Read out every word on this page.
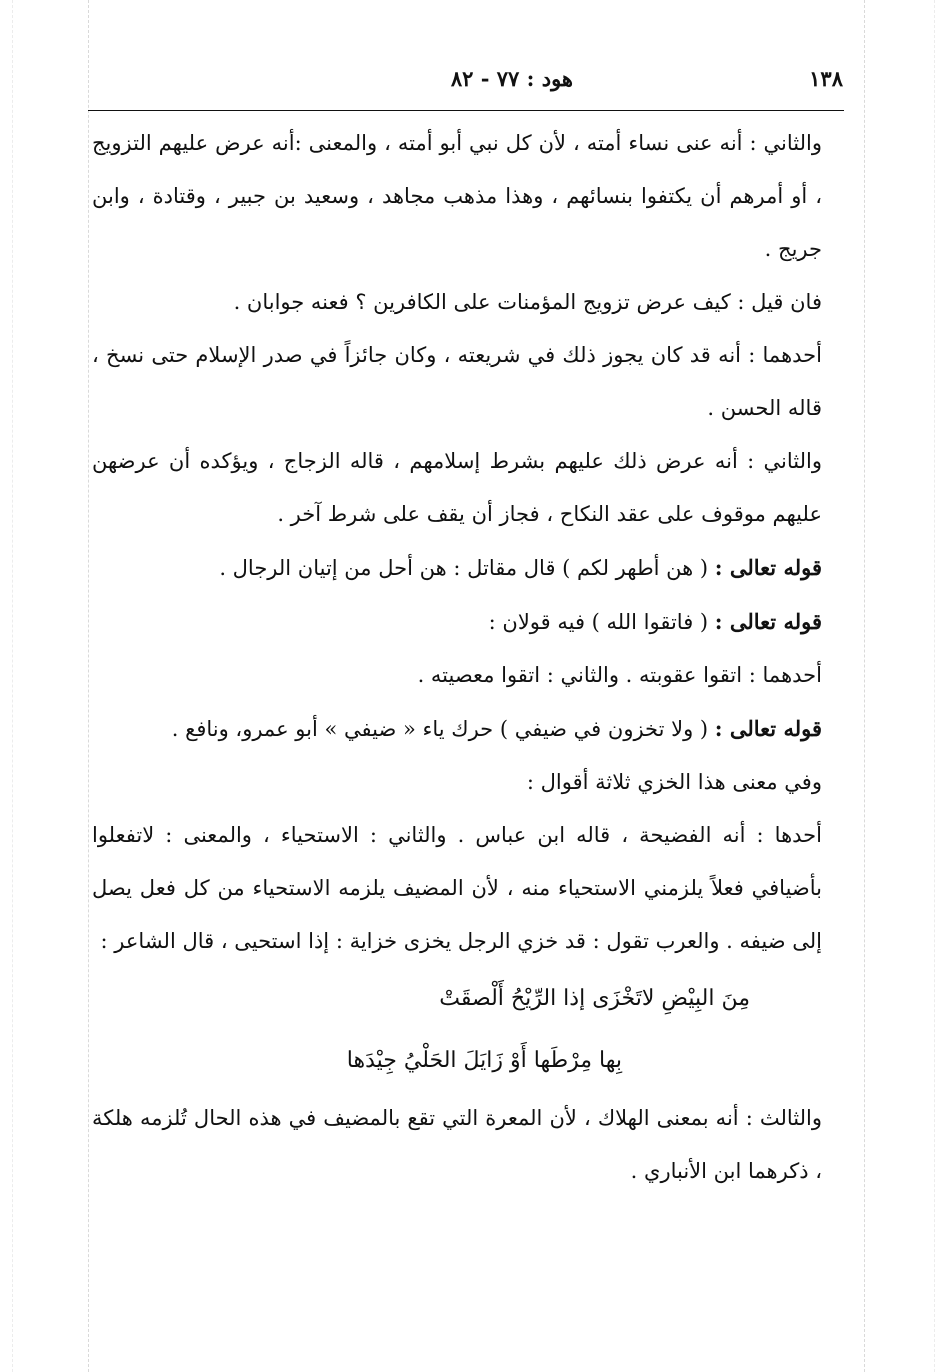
١٣٨
هود : ٧٧ - ٨٢

والثاني : أنه عنى نساء أمته ، لأن كل نبي أبو أمته ، والمعنى :أنه عرض عليهم التزويج ، أو أمرهم أن يكتفوا بنسائهم ، وهذا مذهب مجاهد ، وسعيد بن جبير ، وقتادة ، وابن جريج .

فان قيل : كيف عرض تزويج المؤمنات على الكافرين ؟ فعنه جوابان .

أحدهما : أنه قد كان يجوز ذلك في شريعته ، وكان جائزاً في صدر الإسلام حتى نسخ ، قاله الحسن .

والثاني : أنه عرض ذلك عليهم بشرط إسلامهم ، قاله الزجاج ، ويؤكده أن عرضهن عليهم موقوف على عقد النكاح ، فجاز أن يقف على شرط آخر .

قوله تعالى : ( هن أطهر لكم ) قال مقاتل : هن أحل من إتيان الرجال .

قوله تعالى : ( فاتقوا الله ) فيه قولان :

أحدهما : اتقوا عقوبته . والثاني : اتقوا معصيته .

قوله تعالى : ( ولا تخزون في ضيفي ) حرك ياء « ضيفي » أبو عمرو، ونافع .

وفي معنى هذا الخزي ثلاثة أقوال :

أحدها : أنه الفضيحة ، قاله ابن عباس . والثاني : الاستحياء ، والمعنى : لاتفعلوا بأضيافي فعلاً يلزمني الاستحياء منه ، لأن المضيف يلزمه الاستحياء من كل فعل يصل إلى ضيفه . والعرب تقول : قد خزي الرجل يخزى خزاية : إذا استحيى ، قال الشاعر :

مِنَ البِيْضِ لاتَخْزَى إذا الرِّيْحُ أَلْصقَتْ

بِها مِرْطَها أَوْ زَايَلَ الحَلْيُ جِيْدَها

والثالث : أنه بمعنى الهلاك ، لأن المعرة التي تقع بالمضيف في هذه الحال تُلزمه هلكة ، ذكرهما ابن الأنباري .
